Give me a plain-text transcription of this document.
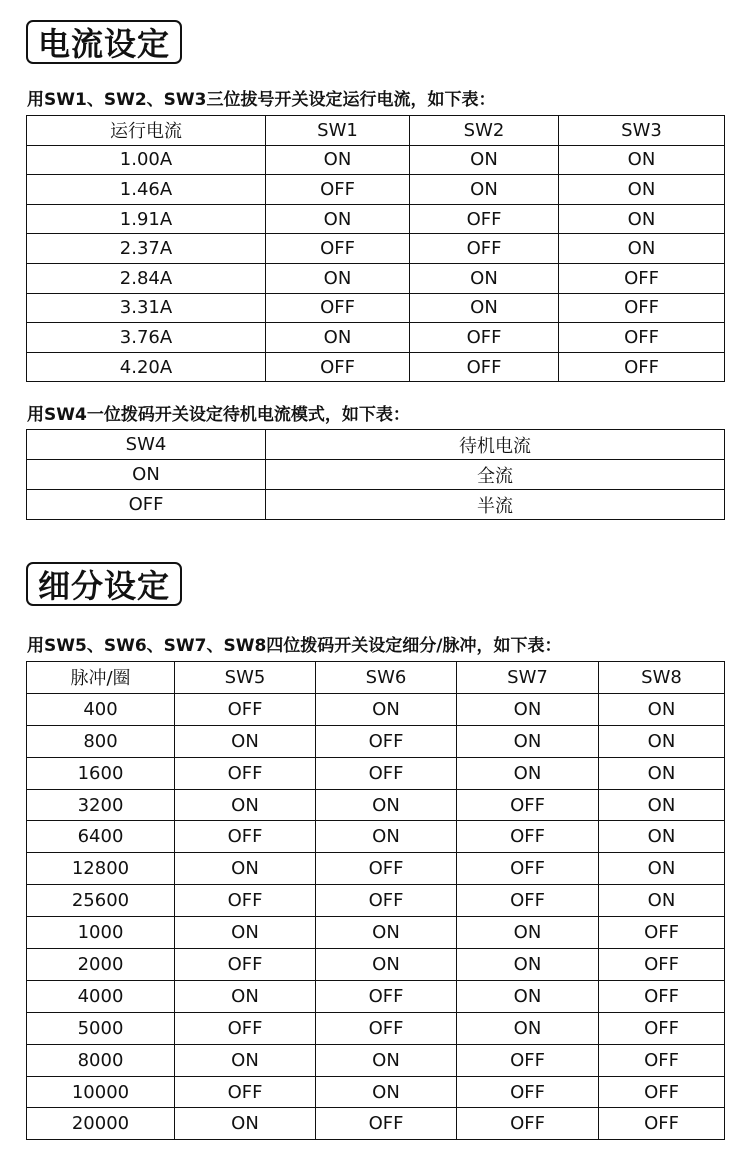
电流设定
用SW1、SW2、SW3三位拔号开关设定运行电流，如下表：
运行电流	SW1	SW2	SW3
1.00A	ON	ON	ON
1.46A	OFF	ON	ON
1.91A	ON	OFF	ON
2.37A	OFF	OFF	ON
2.84A	ON	ON	OFF
3.31A	OFF	ON	OFF
3.76A	ON	OFF	OFF
4.20A	OFF	OFF	OFF
用SW4一位拨码开关设定待机电流模式，如下表：
SW4	待机电流
ON	全流
OFF	半流
细分设定
用SW5、SW6、SW7、SW8四位拨码开关设定细分/脉冲，如下表：
脉冲/圈	SW5	SW6	SW7	SW8
400	OFF	ON	ON	ON
800	ON	OFF	ON	ON
1600	OFF	OFF	ON	ON
3200	ON	ON	OFF	ON
6400	OFF	ON	OFF	ON
12800	ON	OFF	OFF	ON
25600	OFF	OFF	OFF	ON
1000	ON	ON	ON	OFF
2000	OFF	ON	ON	OFF
4000	ON	OFF	ON	OFF
5000	OFF	OFF	ON	OFF
8000	ON	ON	OFF	OFF
10000	OFF	ON	OFF	OFF
20000	ON	OFF	OFF	OFF
